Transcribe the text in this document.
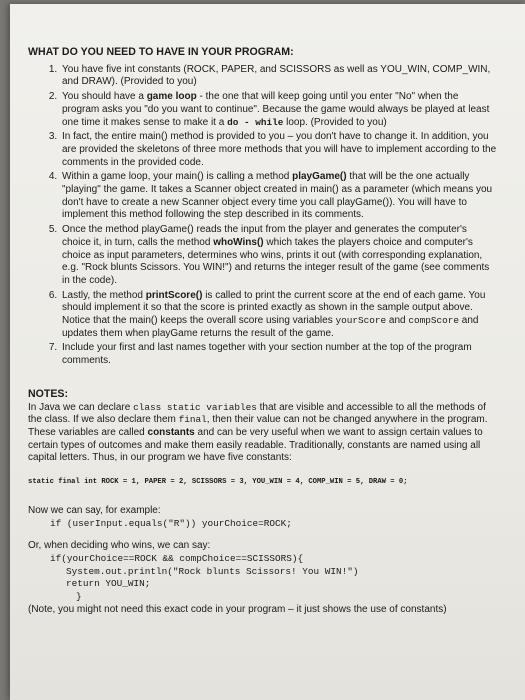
WHAT DO YOU NEED TO HAVE IN YOUR PROGRAM:
1. You have five int constants (ROCK, PAPER, and SCISSORS as well as YOU_WIN, COMP_WIN, and DRAW). (Provided to you)
2. You should have a game loop - the one that will keep going until you enter "No" when the program asks you "do you want to continue". Because the game would always be played at least one time it makes sense to make it a do - while loop. (Provided to you)
3. In fact, the entire main() method is provided to you – you don't have to change it. In addition, you are provided the skeletons of three more methods that you will have to implement according to the comments in the provided code.
4. Within a game loop, your main() is calling a method playGame() that will be the one actually "playing" the game. It takes a Scanner object created in main() as a parameter (which means you don't have to create a new Scanner object every time you call playGame()). You will have to implement this method following the step described in its comments.
5. Once the method playGame() reads the input from the player and generates the computer's choice it, in turn, calls the method whoWins() which takes the players choice and computer's choice as input parameters, determines who wins, prints it out (with corresponding explanation, e.g. "Rock blunts Scissors. You WIN!") and returns the integer result of the game (see comments in the code).
6. Lastly, the method printScore() is called to print the current score at the end of each game. You should implement it so that the score is printed exactly as shown in the sample output above. Notice that the main() keeps the overall score using variables yourScore and compScore and updates them when playGame returns the result of the game.
7. Include your first and last names together with your section number at the top of the program comments.
NOTES:

In Java we can declare class static variables that are visible and accessible to all the methods of the class. If we also declare them final, then their value can not be changed anywhere in the program. These variables are called constants and can be very useful when we want to assign certain values to certain types of outcomes and make them easily readable. Traditionally, constants are named using all capital letters. Thus, in our program we have five constants:

static final int ROCK = 1, PAPER = 2, SCISSORS = 3, YOU_WIN = 4, COMP_WIN = 5, DRAW = 0;

Now we can say, for example:

if (userInput.equals("R")) yourChoice=ROCK;

Or, when deciding who wins, we can say:

if(yourChoice==ROCK && compChoice==SCISSORS){
System.out.println("Rock blunts Scissors! You WIN!")
return YOU_WIN;
}

(Note, you might not need this exact code in your program – it just shows the use of constants)
